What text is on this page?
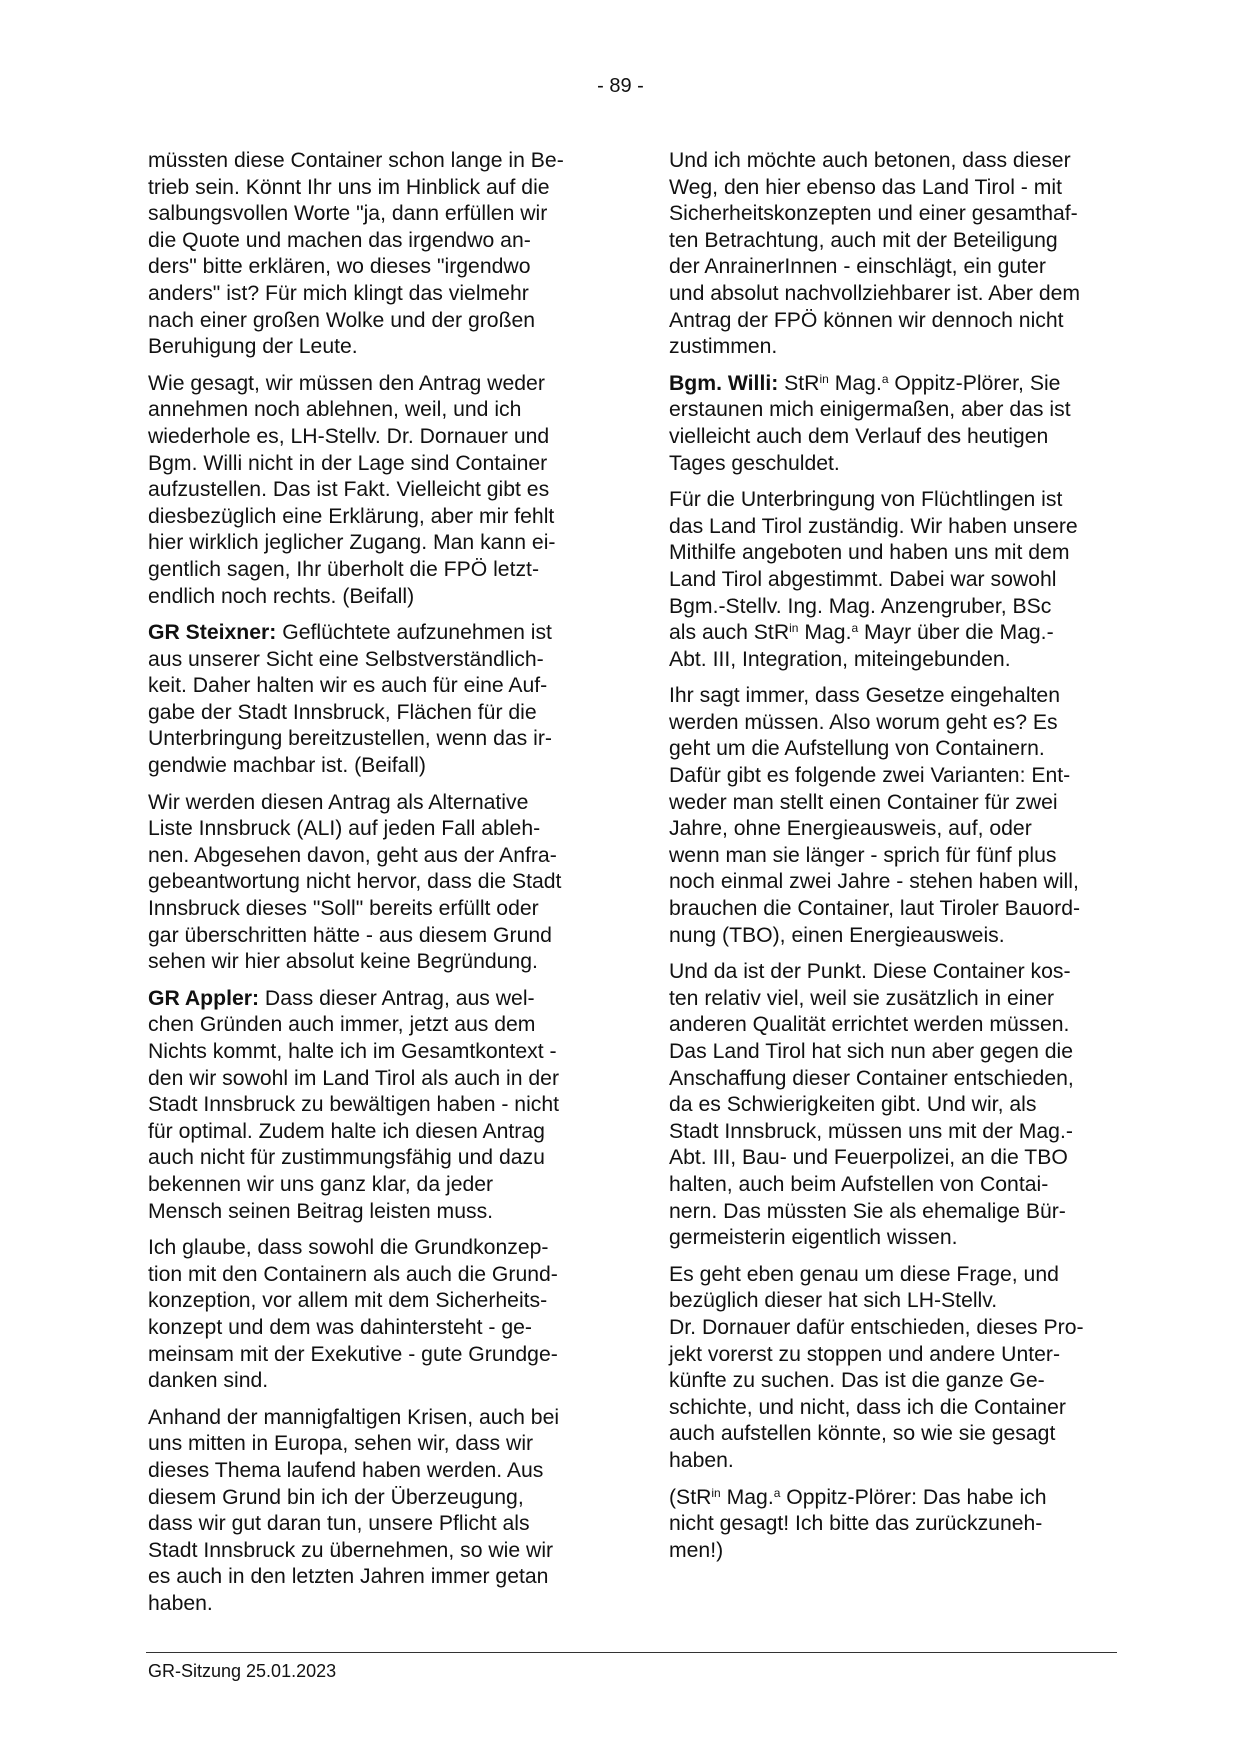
- 89 -

müssten diese Container schon lange in Be-
trieb sein. Könnt Ihr uns im Hinblick auf die
salbungsvollen Worte "ja, dann erfüllen wir
die Quote und machen das irgendwo an-
ders" bitte erklären, wo dieses "irgendwo
anders" ist? Für mich klingt das vielmehr
nach einer großen Wolke und der großen
Beruhigung der Leute.

Wie gesagt, wir müssen den Antrag weder
annehmen noch ablehnen, weil, und ich
wiederhole es, LH-Stellv. Dr. Dornauer und
Bgm. Willi nicht in der Lage sind Container
aufzustellen. Das ist Fakt. Vielleicht gibt es
diesbezüglich eine Erklärung, aber mir fehlt
hier wirklich jeglicher Zugang. Man kann ei-
gentlich sagen, Ihr überholt die FPÖ letzt-
endlich noch rechts. (Beifall)

GR Steixner: Geflüchtete aufzunehmen ist
aus unserer Sicht eine Selbstverständlich-
keit. Daher halten wir es auch für eine Auf-
gabe der Stadt Innsbruck, Flächen für die
Unterbringung bereitzustellen, wenn das ir-
gendwie machbar ist. (Beifall)

Wir werden diesen Antrag als Alternative
Liste Innsbruck (ALI) auf jeden Fall ableh-
nen. Abgesehen davon, geht aus der Anfra-
gebeantwortung nicht hervor, dass die Stadt
Innsbruck dieses "Soll" bereits erfüllt oder
gar überschritten hätte - aus diesem Grund
sehen wir hier absolut keine Begründung.

GR Appler: Dass dieser Antrag, aus wel-
chen Gründen auch immer, jetzt aus dem
Nichts kommt, halte ich im Gesamtkontext -
den wir sowohl im Land Tirol als auch in der
Stadt Innsbruck zu bewältigen haben - nicht
für optimal. Zudem halte ich diesen Antrag
auch nicht für zustimmungsfähig und dazu
bekennen wir uns ganz klar, da jeder
Mensch seinen Beitrag leisten muss.

Ich glaube, dass sowohl die Grundkonzep-
tion mit den Containern als auch die Grund-
konzeption, vor allem mit dem Sicherheits-
konzept und dem was dahintersteht - ge-
meinsam mit der Exekutive - gute Grundge-
danken sind.

Anhand der mannigfaltigen Krisen, auch bei
uns mitten in Europa, sehen wir, dass wir
dieses Thema laufend haben werden. Aus
diesem Grund bin ich der Überzeugung,
dass wir gut daran tun, unsere Pflicht als
Stadt Innsbruck zu übernehmen, so wie wir
es auch in den letzten Jahren immer getan
haben.

Und ich möchte auch betonen, dass dieser
Weg, den hier ebenso das Land Tirol - mit
Sicherheitskonzepten und einer gesamthaf-
ten Betrachtung, auch mit der Beteiligung
der AnrainerInnen - einschlägt, ein guter
und absolut nachvollziehbarer ist. Aber dem
Antrag der FPÖ können wir dennoch nicht
zustimmen.

Bgm. Willi: StR$^{in}$ Mag.$^a$ Oppitz-Plörer, Sie
erstaunen mich einigermaßen, aber das ist
vielleicht auch dem Verlauf des heutigen
Tages geschuldet.

Für die Unterbringung von Flüchtlingen ist
das Land Tirol zuständig. Wir haben unsere
Mithilfe angeboten und haben uns mit dem
Land Tirol abgestimmt. Dabei war sowohl
Bgm.-Stellv. Ing. Mag. Anzengruber, BSc
als auch StR$^{in}$ Mag.$^a$ Mayr über die Mag.-
Abt. III, Integration, miteingebunden.

Ihr sagt immer, dass Gesetze eingehalten
werden müssen. Also worum geht es? Es
geht um die Aufstellung von Containern.
Dafür gibt es folgende zwei Varianten: Ent-
weder man stellt einen Container für zwei
Jahre, ohne Energieausweis, auf, oder
wenn man sie länger - sprich für fünf plus
noch einmal zwei Jahre - stehen haben will,
brauchen die Container, laut Tiroler Bauord-
nung (TBO), einen Energieausweis.

Und da ist der Punkt. Diese Container kos-
ten relativ viel, weil sie zusätzlich in einer
anderen Qualität errichtet werden müssen.
Das Land Tirol hat sich nun aber gegen die
Anschaffung dieser Container entschieden,
da es Schwierigkeiten gibt. Und wir, als
Stadt Innsbruck, müssen uns mit der Mag.-
Abt. III, Bau- und Feuerpolizei, an die TBO
halten, auch beim Aufstellen von Contai-
nern. Das müssten Sie als ehemalige Bür-
germeisterin eigentlich wissen.

Es geht eben genau um diese Frage, und
bezüglich dieser hat sich LH-Stellv.
Dr. Dornauer dafür entschieden, dieses Pro-
jekt vorerst zu stoppen und andere Unter-
künfte zu suchen. Das ist die ganze Ge-
schichte, und nicht, dass ich die Container
auch aufstellen könnte, so wie sie gesagt
haben.

(StR$^{in}$ Mag.$^a$ Oppitz-Plörer: Das habe ich
nicht gesagt! Ich bitte das zurückzuneh-
men!)

GR-Sitzung 25.01.2023
